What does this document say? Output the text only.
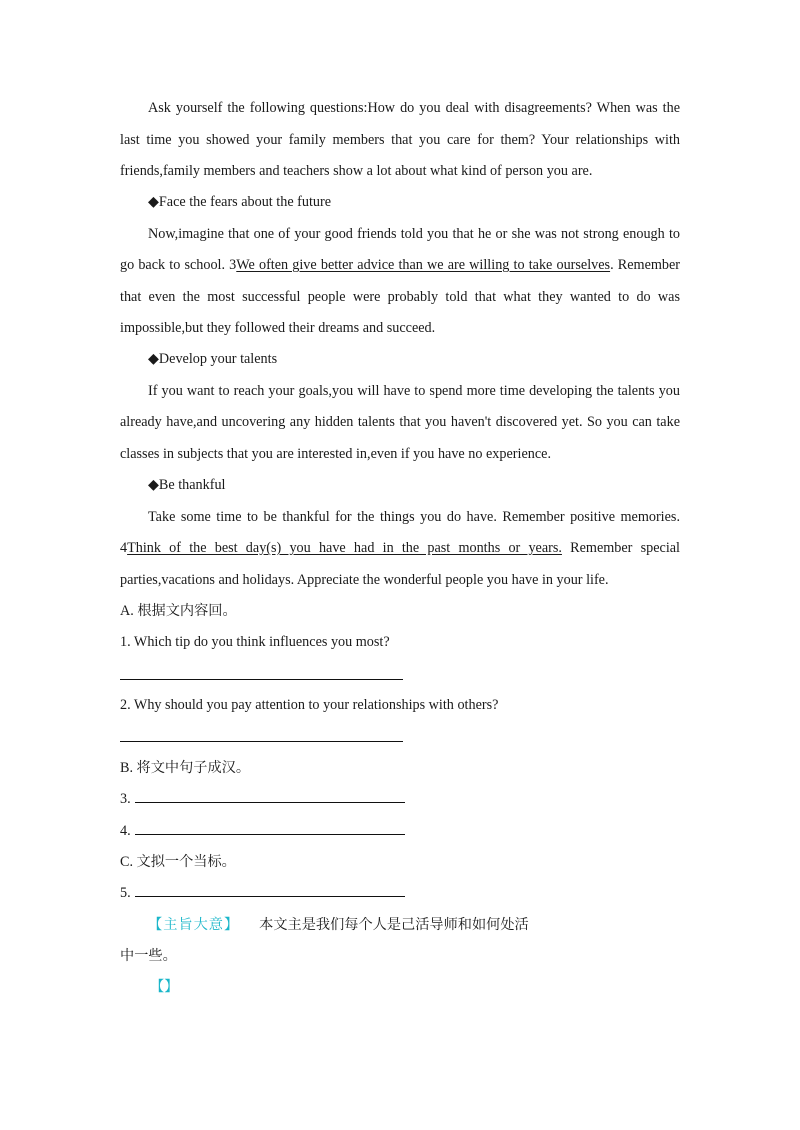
Ask yourself the following questions:How do you deal with disagreements? When was the
last time you showed your family members that you care for them? Your relationships with
friends,family members and teachers show a lot about what kind of person you are.
◆Face the fears about the future
Now,imagine that one of your good friends told you that he or she was not strong enough to
go back to school. 3We often give better advice than we are willing to take ourselves. Remember
that even the most successful people were probably told that what they wanted to do was
impossible,but they followed their dreams and succeed.
◆Develop your talents
If you want to reach your goals,you will have to spend more time developing the talents you
already have,and uncovering any hidden talents that you haven't discovered yet. So you can take
classes in subjects that you are interested in,even if you have no experience.
◆Be thankful
Take some time to be thankful for the things you do have. Remember positive memories.
4Think of the best day(s) you have had in the past months or years. Remember special
parties,vacations and holidays. Appreciate the wonderful people you have in your life.
A. 根据文内容回。
1. Which tip do you think influences you most?
2. Why should you pay attention to your relationships with others?
B. 将文中句子成汉。
3.
4.
C. 文拟一个当标。
5.
【主旨大意】 本文主是我们每个人是己活导师和如何处活
中一些。
【】
